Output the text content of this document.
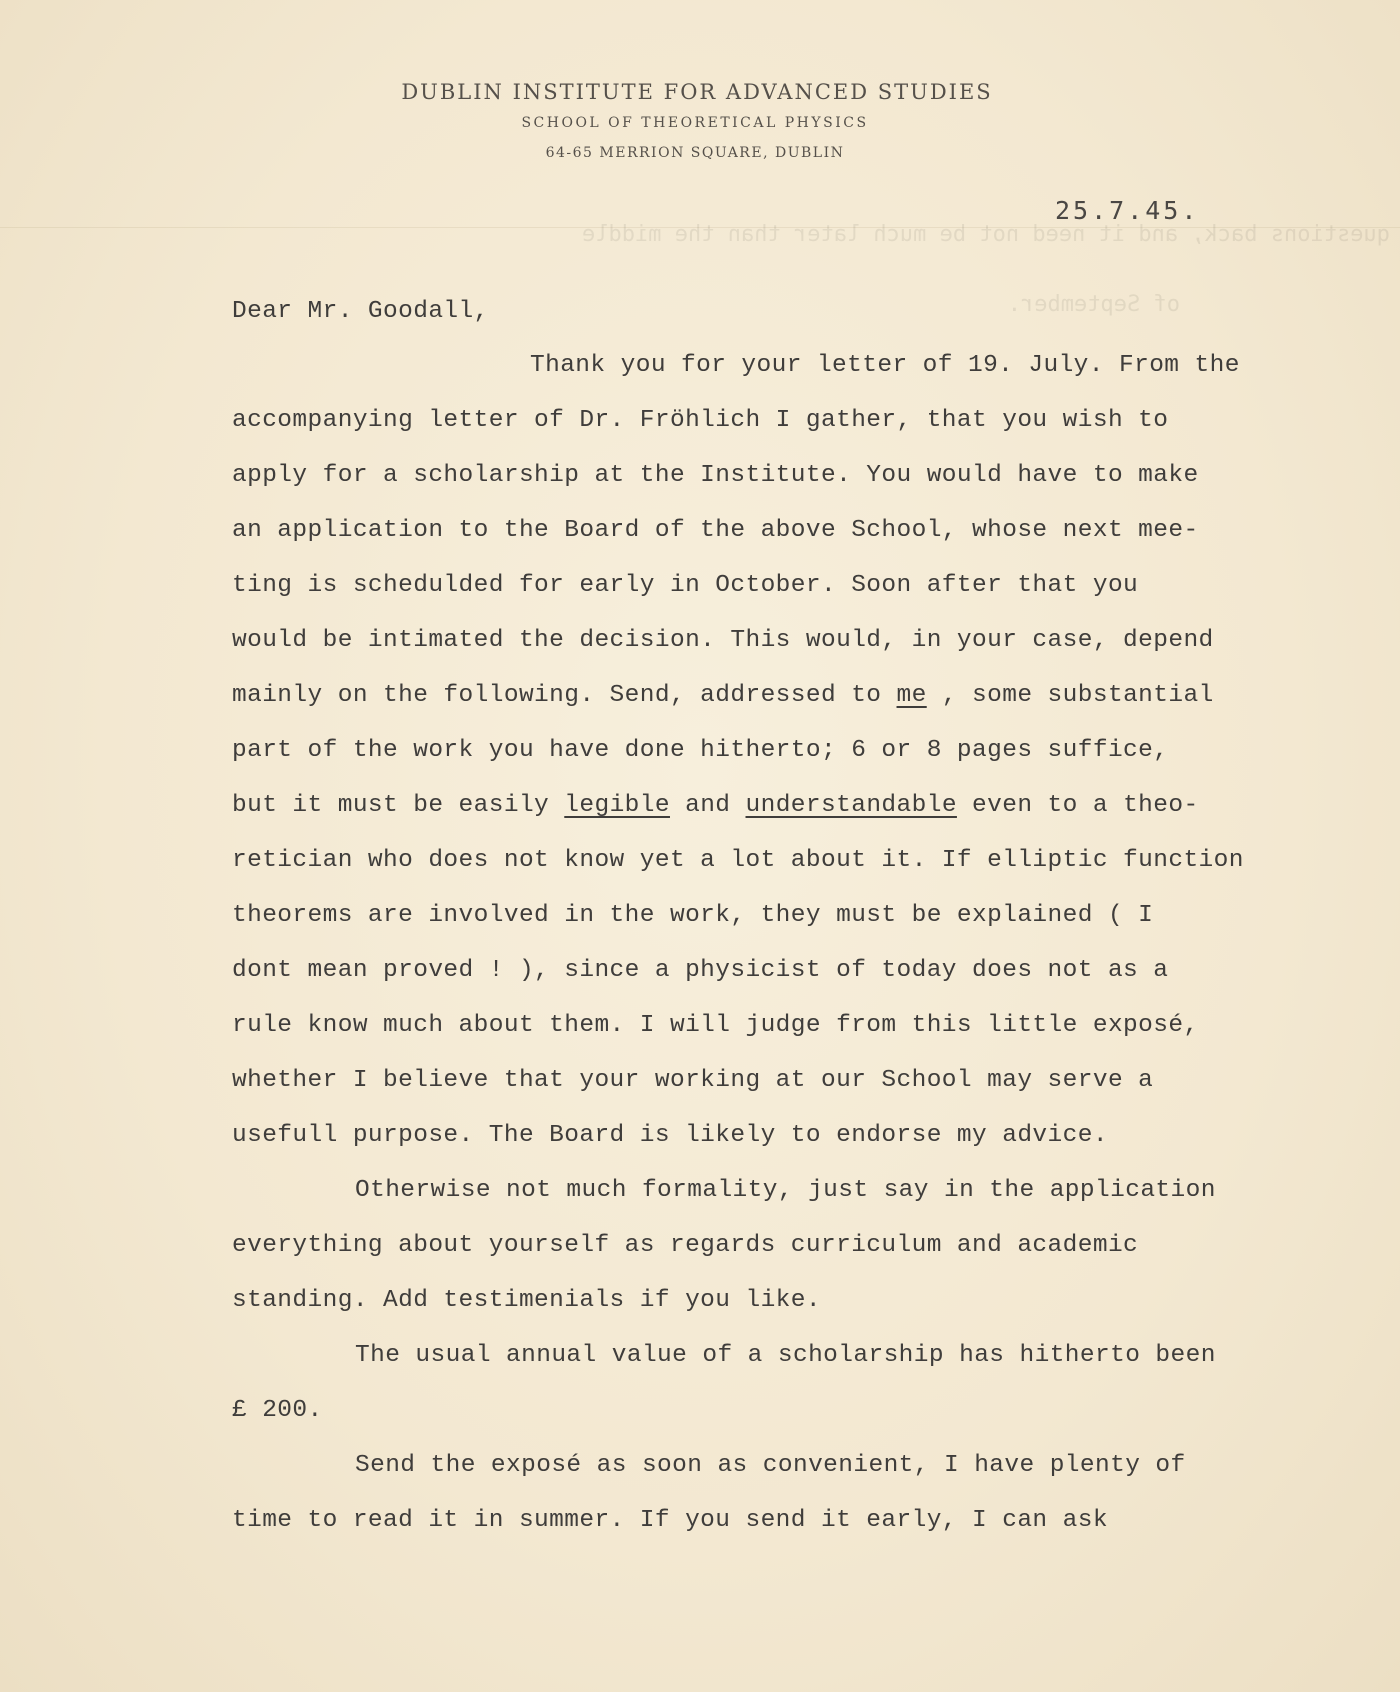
questions back, and it need not be much later than the middle
of September.
DUBLIN INSTITUTE FOR ADVANCED STUDIES
SCHOOL OF THEORETICAL PHYSICS
64-65 MERRION SQUARE, DUBLIN
25.7.45.
Dear Mr. Goodall,
Thank you for your letter of 19. July. From the
accompanying letter of Dr. Fröhlich I gather, that you wish to
apply for a scholarship at the Institute. You would have to make
an application to the Board of the above School, whose next mee-
ting is schedulded for early in October. Soon after that you
would be intimated the decision. This would, in your case, depend
mainly on the following. Send, addressed to me , some substantial
part of the work you have done hitherto; 6 or 8 pages suffice,
but it must be easily legible and understandable even to a theo-
retician who does not know yet a lot about it. If elliptic function
theorems are involved in the work, they must be explained ( I
dont mean proved ! ), since a physicist of today does not as a
rule know much about them. I will judge from this little exposé,
whether I believe that your working at our School may serve a
usefull purpose. The Board is likely to endorse my advice.
Otherwise not much formality, just say in the application
everything about yourself as regards curriculum and academic
standing. Add testimenials if you like.
The usual annual value of a scholarship has hitherto been
£ 200.
Send the exposé as soon as convenient, I have plenty of
time to read it in summer. If you send it early, I can ask
